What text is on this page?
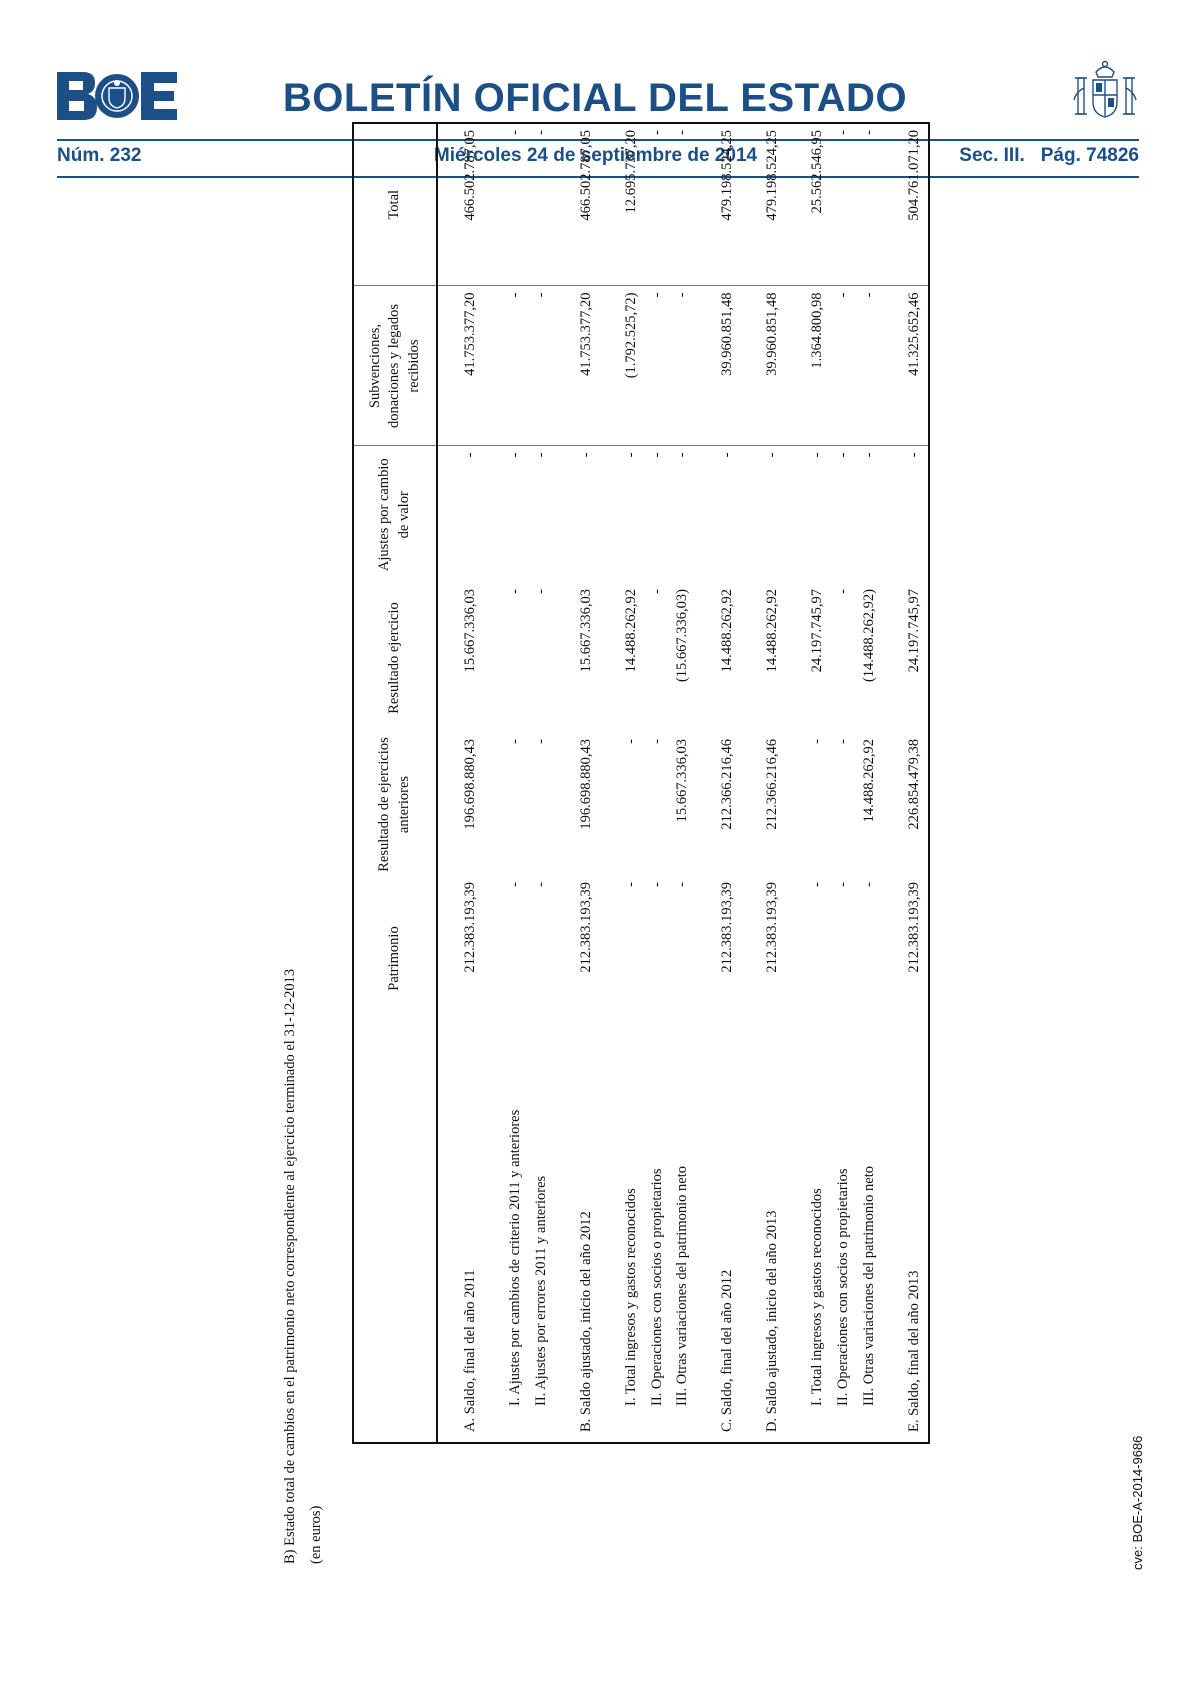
BOLETÍN OFICIAL DEL ESTADO
Núm. 232	Miércoles 24 de septiembre de 2014	Sec. III. Pág. 74826
B) Estado total de cambios en el patrimonio neto correspondiente al ejercicio terminado el 31-12-2013 (en euros)
	Patrimonio	Resultado de ejercicios anteriores	Resultado ejercicio	Ajustes por cambio de valor	Subvenciones, donaciones y legados recibidos	Total

A. Saldo, final del año 2011	212.383.193,39	196.698.880,43	15.667.336,03	-	41.753.377,20	466.502.787,05

I. Ajustes por cambios de criterio 2011 y anteriores	-	-	-	-	-	-
II. Ajustes por errores 2011 y anteriores	-	-	-	-	-	-

B. Saldo ajustado, inicio del año 2012	212.383.193,39	196.698.880,43	15.667.336,03	-	41.753.377,20	466.502.787,05

I. Total ingresos y gastos reconocidos	-	-	14.488.262,92	-	(1.792.525,72)	12.695.737,20
II. Operaciones con socios o propietarios	-	-	-	-	-	-
III. Otras variaciones del patrimonio neto	-	15.667.336,03	(15.667.336,03)	-	-	-

C. Saldo, final del año 2012	212.383.193,39	212.366.216,46	14.488.262,92	-	39.960.851,48	479.198.524,25

D. Saldo ajustado, inicio del año 2013	212.383.193,39	212.366.216,46	14.488.262,92	-	39.960.851,48	479.198.524,25

I. Total ingresos y gastos reconocidos	-	-	24.197.745,97	-	1.364.800,98	25.562.546,95
II. Operaciones con socios o propietarios	-	-	-	-	-	-
III. Otras variaciones del patrimonio neto	-	14.488.262,92	(14.488.262,92)	-	-	-

E. Saldo, final del año 2013	212.383.193,39	226.854.479,38	24.197.745,97	-	41.325.652,46	504.761.071,20
cve: BOE-A-2014-9686
